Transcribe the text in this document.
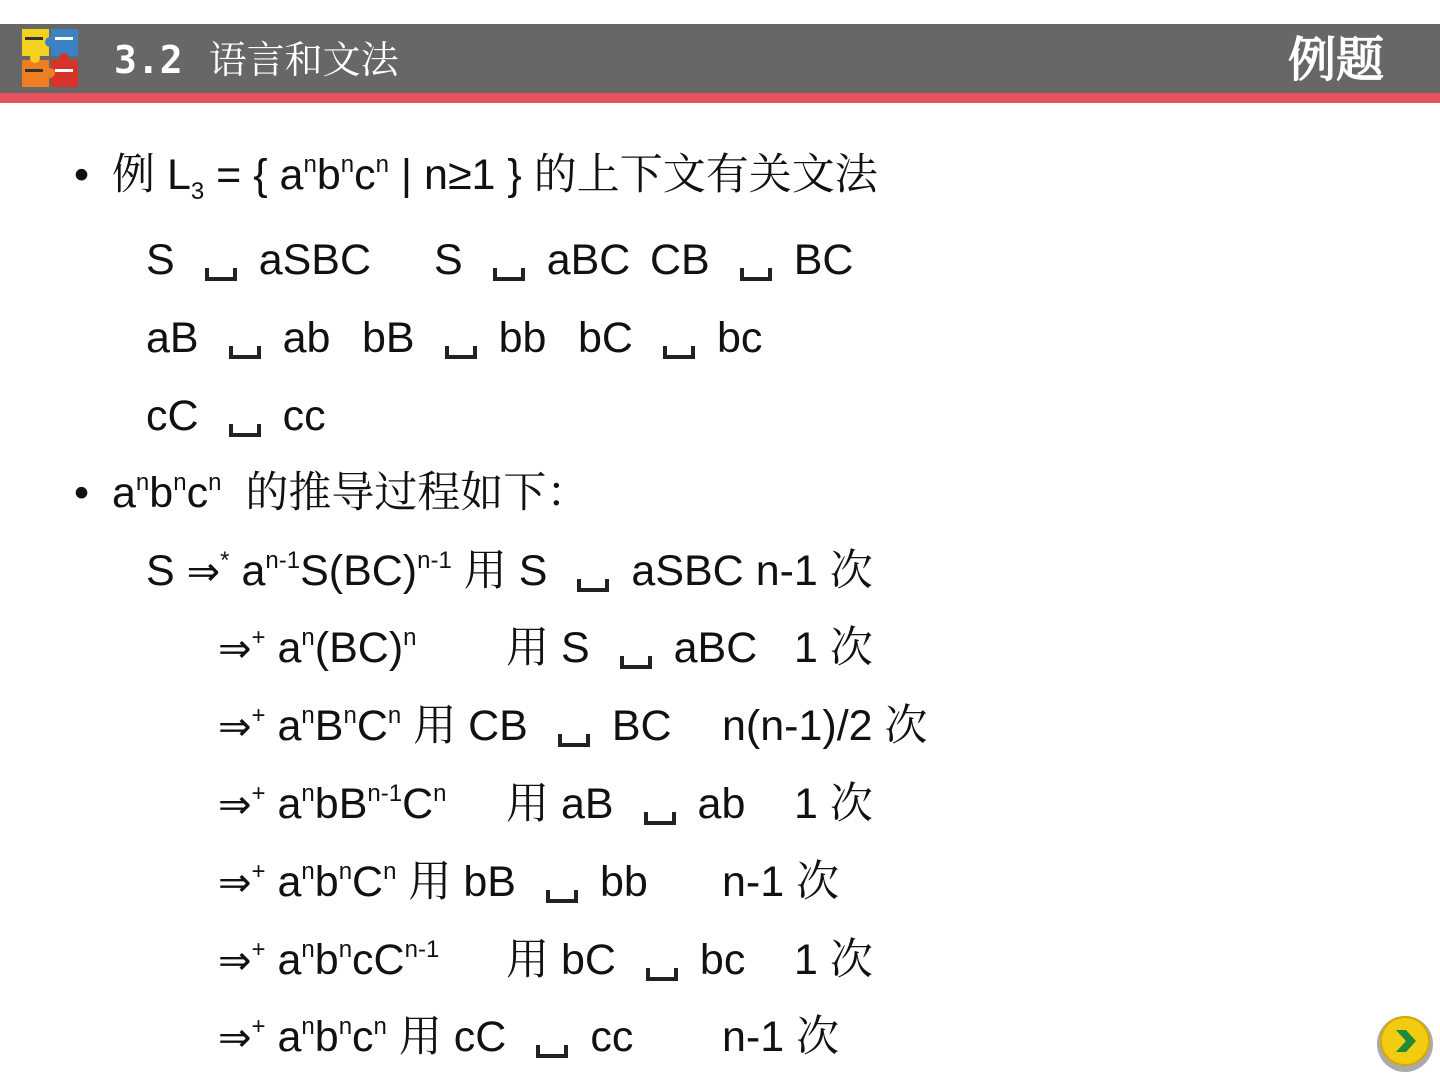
3.2 语言和文法	例题
• 例 $L_3$ = { $a^nb^nc^n$ | n≥1 } 的上下文有关文法
S aSBC S aBC CB BC
aB ab bB bb bC bc
cC cc
• $a^nb^nc^n$ 的推导过程如下：
S ⇒* $a^{n-1}S(BC)^{n-1}$ 用 S aSBC n-1 次
⇒+ $a^n(BC)^n$ 用 S aBC 1 次
⇒+ $a^nB^nC^n$ 用 CB BC n(n-1)/2 次
⇒+ $a^nbB^{n-1}C^n$ 用 aB ab 1 次
⇒+ $a^nb^nC^n$ 用 bB bb n-1 次
⇒+ $a^nb^ncC^{n-1}$ 用 bC bc 1 次
⇒+ $a^nb^nc^n$ 用 cC cc n-1 次
